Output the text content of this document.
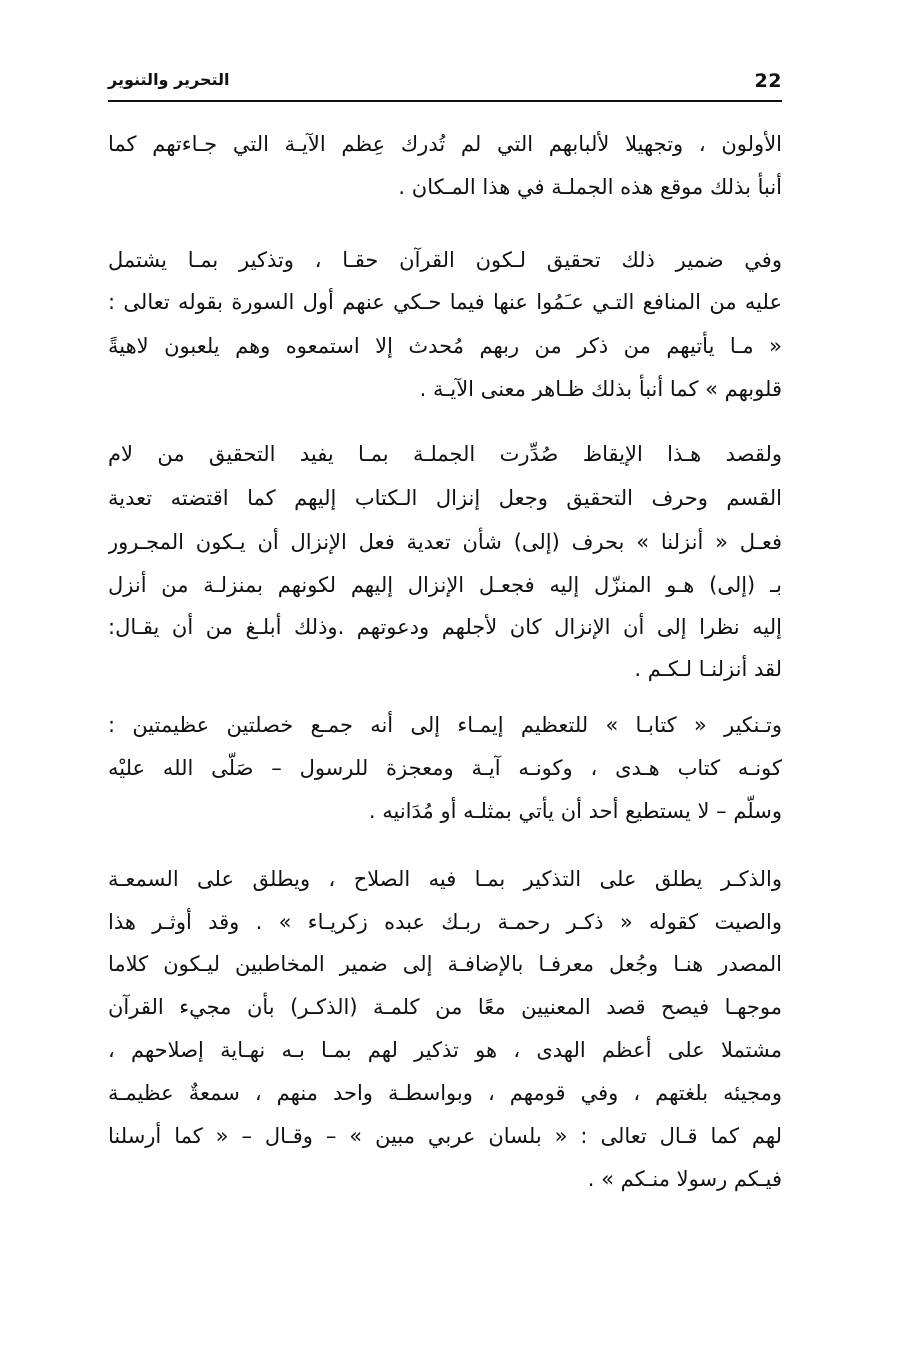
22
التحرير والتنوير
الأولون ، وتجهيلا لألبابهم التي لم تُدرك عِظم الآيـة التي جـاءتهم كما
أنبأ بذلك موقع هذه الجملـة في هذا المـكان .
وفي ضمير ذلك تحقيق لـكون القرآن حقـا ، وتذكير بمـا يشتمل
عليه من المنافع التـي عـَمُوا عنها فيما حـكي عنهم أول السورة بقوله تعالى :
« مـا يأتيهم من ذكر من ربهم مُحدث إلا استمعوه وهم يلعبون لاهيةً
قلوبهم » كما أنبأ بذلك ظـاهر معنى الآيـة .
ولقصد هـذا الإيقاظ صُدِّرت الجملـة بمـا يفيد التحقيق من لام
القسم وحرف التحقيق وجعل إنزال الـكتاب إليهم كما اقتضته تعدية
فعـل « أنزلنا » بحرف (إلى) شأن تعدية فعل الإنزال أن يـكون المجـرور
بـ (إلى) هـو المنزّل إليه فجعـل الإنزال إليهم لكونهم بمنزلـة من أنزل
إليه نظرا إلى أن الإنزال كان لأجلهم ودعوتهم .وذلك أبلـغ من أن يقـال:
لقد أنزلنـا لـكـم .
وتـنكير « كتابـا » للتعظيم إيمـاء إلى أنه جمـع خصلتين عظيمتين :
كونـه كتاب هـدى ، وكونـه آيـة ومعجزة للرسول – صَلّى الله عليْه
وسلّم – لا يستطيع أحد أن يأتي بمثلـه أو مُدَانيه .
والذكـر يطلق على التذكير بمـا فيه الصلاح ، ويطلق على السمعـة
والصيت كقوله « ذكـر رحمـة ربـك عبده زكريـاء » . وقد أوثـر هذا
المصدر هنـا وجُعل معرفـا بالإضافـة إلى ضمير المخاطبين ليـكون كلاما
موجهـا فيصح قصد المعنيين معًا من كلمـة (الذكـر) بأن مجيء القرآن
مشتملا على أعظم الهدى ، هو تذكير لهم بمـا بـه نهـاية إصلاحهم ،
ومجيئه بلغتهم ، وفي قومهم ، وبواسطـة واحد منهم ، سمعةٌ عظيمـة
لهم كما قـال تعالى : « بلسان عربي مبين » – وقـال – « كما أرسلنا
فيـكم رسولا منـكم » .
